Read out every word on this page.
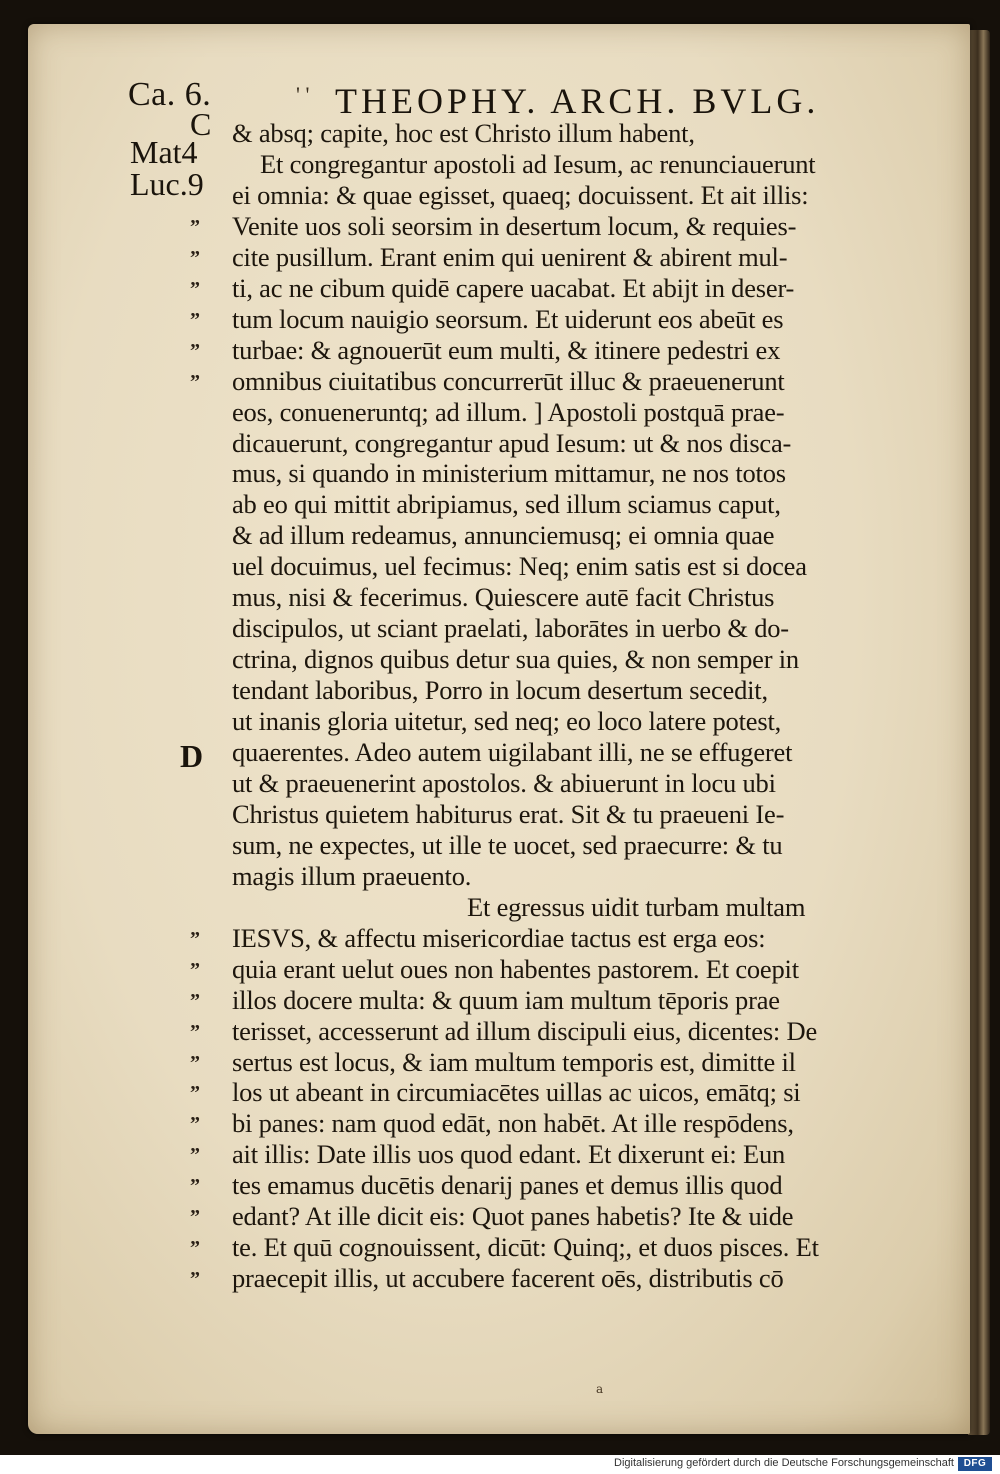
Ca. 6.	' ' THEOPHY. ARCH. BVLG.
C
Mat4
Luc.9
D
”
”
”
”
”
”
”
”
”
”
”
”
”
”
”
”
”
”
& absq; capite, hoc est Christo illum habent,
Et congregantur apostoli ad Iesum, ac renunciauerunt
ei omnia: & quae egisset, quaeq; docuissent. Et ait illis:
Venite uos soli seorsim in desertum locum, & requies-
cite pusillum. Erant enim qui uenirent & abirent mul-
ti, ac ne cibum quidē capere uacabat. Et abijt in deser-
tum locum nauigio seorsum. Et uiderunt eos abeūt es
turbae: & agnouerūt eum multi, & itinere pedestri ex
omnibus ciuitatibus concurrerūt illuc & praeuenerunt
eos, conueneruntq; ad illum. ] Apostoli postquā prae-
dicauerunt, congregantur apud Iesum: ut & nos disca-
mus, si quando in ministerium mittamur, ne nos totos
ab eo qui mittit abripiamus, sed illum sciamus caput,
& ad illum redeamus, annunciemusq; ei omnia quae
uel docuimus, uel fecimus: Neq; enim satis est si docea
mus, nisi & fecerimus. Quiescere autē facit Christus
discipulos, ut sciant praelati, laborātes in uerbo & do-
ctrina, dignos quibus detur sua quies, & non semper in
tendant laboribus, Porro in locum desertum secedit,
ut inanis gloria uitetur, sed neq; eo loco latere potest,
quaerentes. Adeo autem uigilabant illi, ne se effugeret
ut & praeuenerint apostolos. & abiuerunt in locu ubi
Christus quietem habiturus erat. Sit & tu praeueni Ie-
sum, ne expectes, ut ille te uocet, sed praecurre: & tu
magis illum praeuento.
Et egressus uidit turbam multam
IESVS, & affectu misericordiae tactus est erga eos:
quia erant uelut oues non habentes pastorem. Et coepit
illos docere multa: & quum iam multum tēporis prae
terisset, accesserunt ad illum discipuli eius, dicentes: De
sertus est locus, & iam multum temporis est, dimitte il
los ut abeant in circumiacētes uillas ac uicos, emātq; si
bi panes: nam quod edāt, non habēt. At ille respōdens,
ait illis: Date illis uos quod edant. Et dixerunt ei: Eun
tes emamus ducētis denarij panes et demus illis quod
edant? At ille dicit eis: Quot panes habetis? Ite & uide
te. Et quū cognouissent, dicūt: Quinq;, et duos pisces. Et
praecepit illis, ut accubere facerent oēs, distributis cō
a
Digitalisierung gefördert durch die Deutsche Forschungsgemeinschaft DFG
